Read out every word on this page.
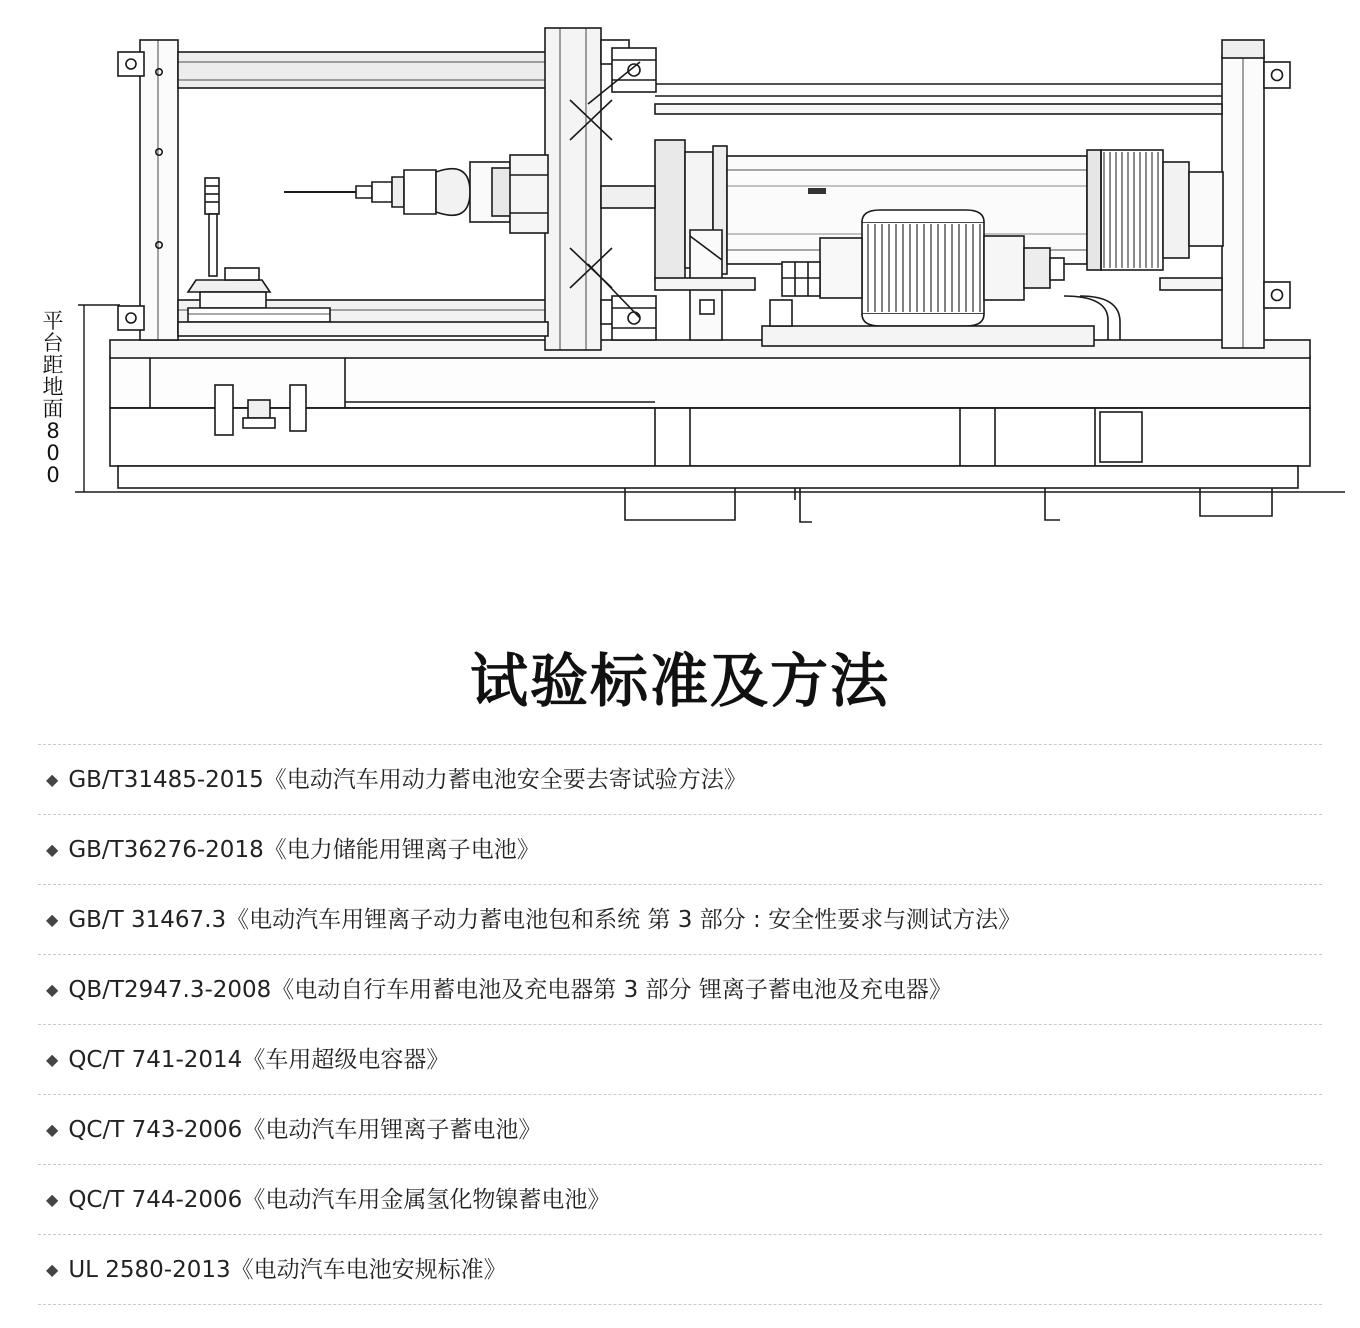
平台距地面800
试验标准及方法
◆ GB/T31485-2015《电动汽车用动力蓄电池安全要去寄试验方法》
◆ GB/T36276-2018《电力储能用锂离子电池》
◆ GB/T 31467.3《电动汽车用锂离子动力蓄电池包和系统 第 3 部分 : 安全性要求与测试方法》
◆ QB/T2947.3-2008《电动自行车用蓄电池及充电器第 3 部分 锂离子蓄电池及充电器》
◆ QC/T 741-2014《车用超级电容器》
◆ QC/T 743-2006《电动汽车用锂离子蓄电池》
◆ QC/T 744-2006《电动汽车用金属氢化物镍蓄电池》
◆ UL 2580-2013《电动汽车电池安规标准》
